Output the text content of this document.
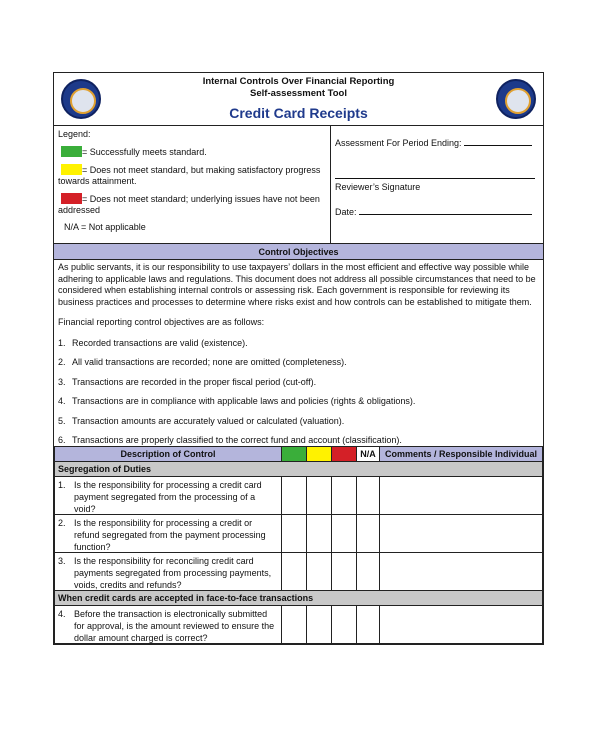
Internal Controls Over Financial Reporting
Self-assessment Tool
Credit Card Receipts

Legend:

= Successfully meets standard.

= Does not meet standard, but making satisfactory progress towards attainment.

= Does not meet standard; underlying issues have not been addressed

N/A = Not applicable

Assessment For Period Ending:
Reviewer’s Signature
Date:
Control Objectives

As public servants, it is our responsibility to use taxpayers’ dollars in the most efficient and effective way possible while adhering to applicable laws and regulations. This document does not address all possible circumstances that need to be considered when establishing internal controls or assessing risk. Each government is responsible for reviewing its business practices and processes to determine where risks exist and how controls can be established to mitigate them.

Financial reporting control objectives are as follows:

1. Recorded transactions are valid (existence).
2. All valid transactions are recorded; none are omitted (completeness).
3. Transactions are recorded in the proper fiscal period (cut-off).
4. Transactions are in compliance with applicable laws and policies (rights & obligations).
5. Transaction amounts are accurately valued or calculated (valuation).
6. Transactions are properly classified to the correct fund and account (classification).
Description of Control				N/A	Comments / Responsible Individual
Segregation of Duties					

1. Is the responsibility for processing a credit card payment segregated from the processing of a void?					

2. Is the responsibility for processing a credit or refund segregated from the payment processing function?					

3. Is the responsibility for reconciling credit card payments segregated from processing payments, voids, credits and refunds?					

When credit cards are accepted in face-to-face transactions					

4. Before the transaction is electronically submitted for approval, is the amount reviewed to ensure the dollar amount charged is correct?					
